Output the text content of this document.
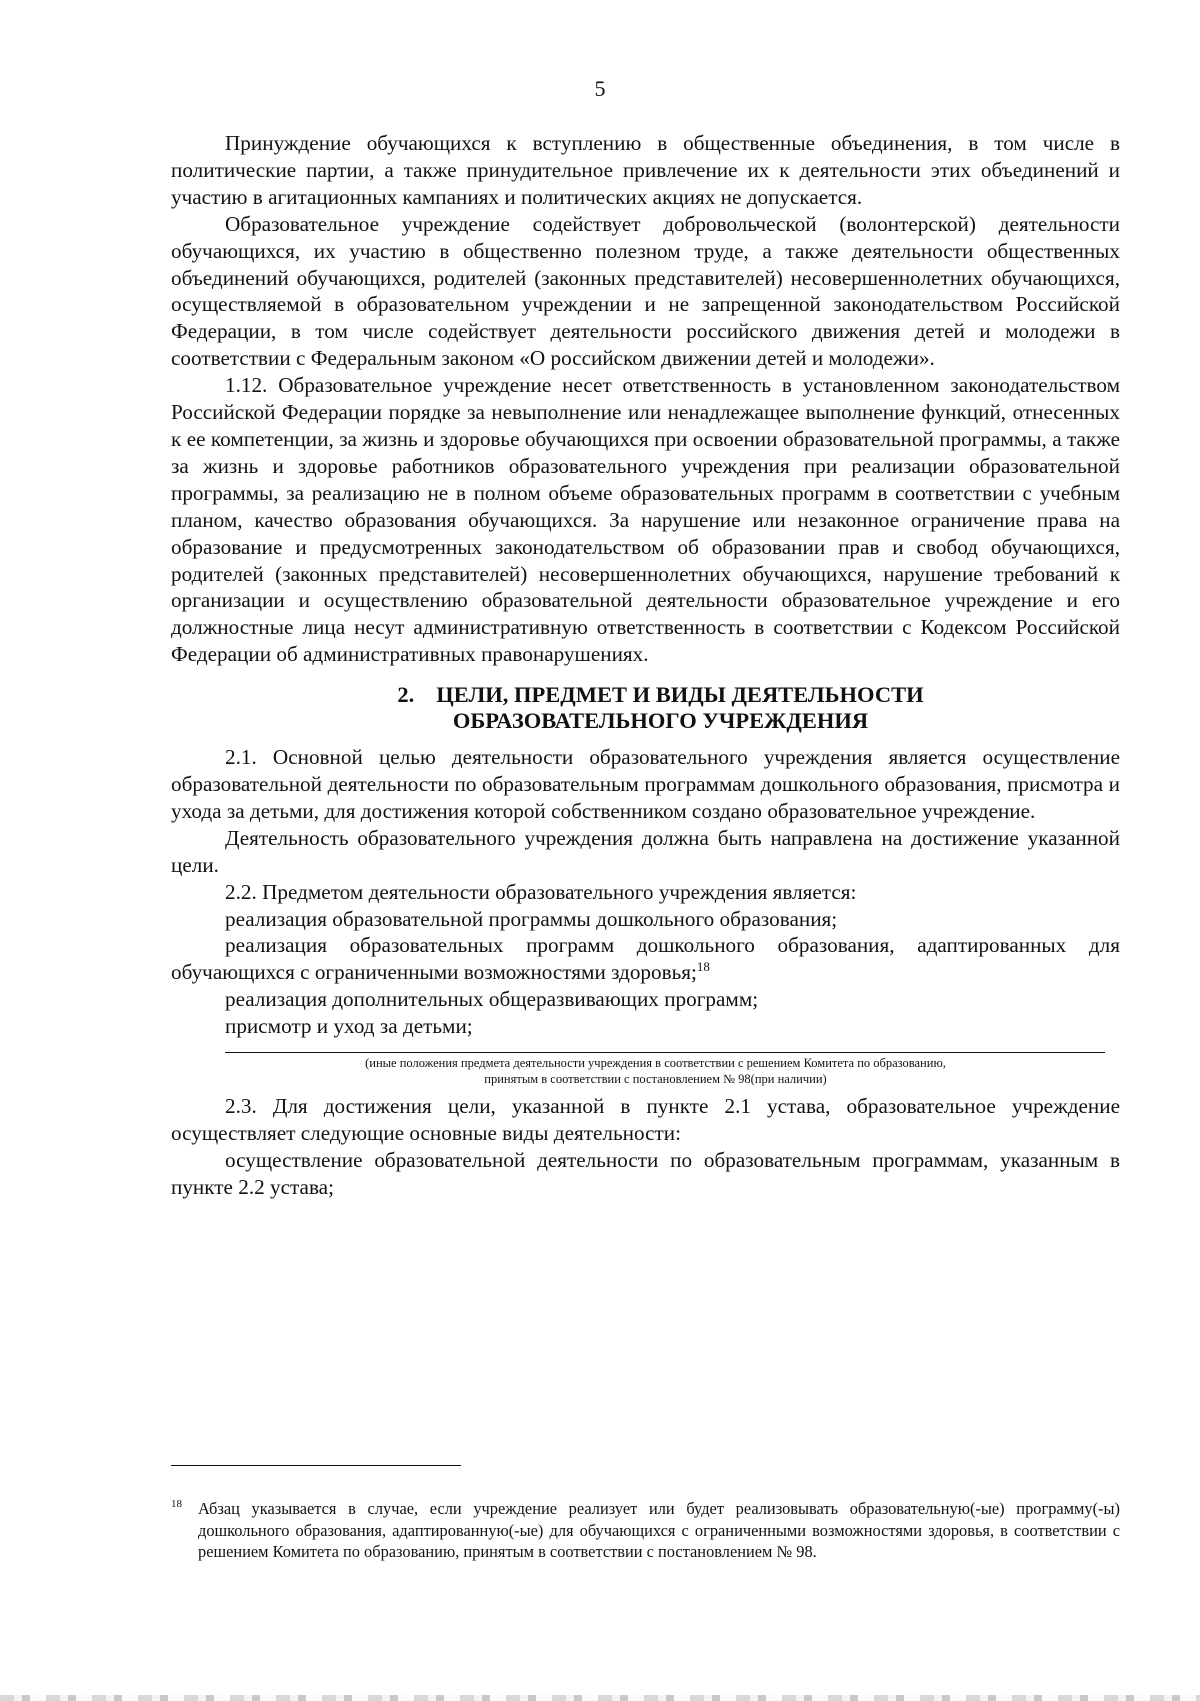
5

Принуждение обучающихся к вступлению в общественные объединения, в том числе в политические партии, а также принудительное привлечение их к деятельности этих объединений и участию в агитационных кампаниях и политических акциях не допускается.

Образовательное учреждение содействует добровольческой (волонтерской) деятельности обучающихся, их участию в общественно полезном труде, а также деятельности общественных объединений обучающихся, родителей (законных представителей) несовершеннолетних обучающихся, осуществляемой в образовательном учреждении и не запрещенной законодательством Российской Федерации, в том числе содействует деятельности российского движения детей и молодежи в соответствии с Федеральным законом «О российском движении детей и молодежи».

1.12. Образовательное учреждение несет ответственность в установленном законодательством Российской Федерации порядке за невыполнение или ненадлежащее выполнение функций, отнесенных к ее компетенции, за жизнь и здоровье обучающихся при освоении образовательной программы, а также за жизнь и здоровье работников образовательного учреждения при реализации образовательной программы, за реализацию не в полном объеме образовательных программ в соответствии с учебным планом, качество образования обучающихся. За нарушение или незаконное ограничение права на образование и предусмотренных законодательством об образовании прав и свобод обучающихся, родителей (законных представителей) несовершеннолетних обучающихся, нарушение требований к организации и осуществлению образовательной деятельности образовательное учреждение и его должностные лица несут административную ответственность в соответствии с Кодексом Российской Федерации об административных правонарушениях.

2. ЦЕЛИ, ПРЕДМЕТ И ВИДЫ ДЕЯТЕЛЬНОСТИ
ОБРАЗОВАТЕЛЬНОГО УЧРЕЖДЕНИЯ

2.1. Основной целью деятельности образовательного учреждения является осуществление образовательной деятельности по образовательным программам дошкольного образования, присмотра и ухода за детьми, для достижения которой собственником создано образовательное учреждение.

Деятельность образовательного учреждения должна быть направлена на достижение указанной цели.

2.2. Предметом деятельности образовательного учреждения является:

реализация образовательной программы дошкольного образования;

реализация образовательных программ дошкольного образования, адаптированных для обучающихся с ограниченными возможностями здоровья;$^{18}$

реализация дополнительных общеразвивающих программ;

присмотр и уход за детьми;

(иные положения предмета деятельности учреждения в соответствии с решением Комитета по образованию,
принятым в соответствии с постановлением № 98(при наличии)

2.3. Для достижения цели, указанной в пункте 2.1 устава, образовательное учреждение осуществляет следующие основные виды деятельности:

осуществление образовательной деятельности по образовательным программам, указанным в пункте 2.2 устава;

18 Абзац указывается в случае, если учреждение реализует или будет реализовывать образовательную(-ые) программу(-ы) дошкольного образования, адаптированную(-ые) для обучающихся с ограниченными возможностями здоровья, в соответствии с решением Комитета по образованию, принятым в соответствии с постановлением № 98.
